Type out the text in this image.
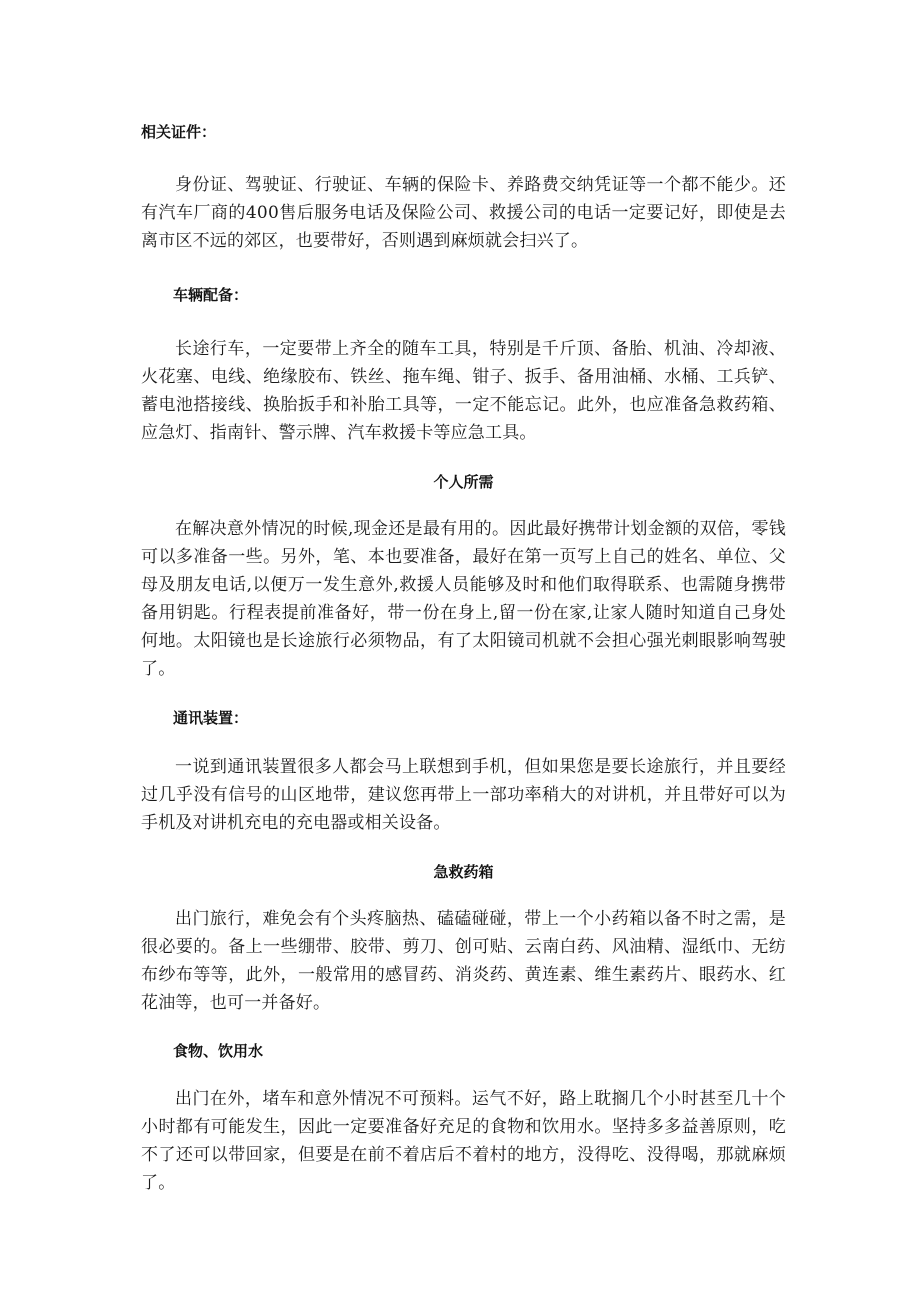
相关证件：

身份证、驾驶证、行驶证、车辆的保险卡、养路费交纳凭证等一个都不能少。还有汽车厂商的400售后服务电话及保险公司、救援公司的电话一定要记好，即使是去离市区不远的郊区，也要带好，否则遇到麻烦就会扫兴了。

车辆配备：

长途行车，一定要带上齐全的随车工具，特别是千斤顶、备胎、机油、冷却液、火花塞、电线、绝缘胶布、铁丝、拖车绳、钳子、扳手、备用油桶、水桶、工兵铲、蓄电池搭接线、换胎扳手和补胎工具等，一定不能忘记。此外，也应准备急救药箱、应急灯、指南针、警示牌、汽车救援卡等应急工具。

个人所需

在解决意外情况的时候,现金还是最有用的。因此最好携带计划金额的双倍，零钱可以多准备一些。另外，笔、本也要准备，最好在第一页写上自己的姓名、单位、父母及朋友电话,以便万一发生意外,救援人员能够及时和他们取得联系、也需随身携带备用钥匙。行程表提前准备好，带一份在身上,留一份在家,让家人随时知道自己身处何地。太阳镜也是长途旅行必须物品，有了太阳镜司机就不会担心强光刺眼影响驾驶了。

通讯装置：

一说到通讯装置很多人都会马上联想到手机，但如果您是要长途旅行，并且要经过几乎没有信号的山区地带，建议您再带上一部功率稍大的对讲机，并且带好可以为手机及对讲机充电的充电器或相关设备。

急救药箱

出门旅行，难免会有个头疼脑热、磕磕碰碰，带上一个小药箱以备不时之需，是很必要的。备上一些绷带、胶带、剪刀、创可贴、云南白药、风油精、湿纸巾、无纺布纱布等等，此外，一般常用的感冒药、消炎药、黄连素、维生素药片、眼药水、红花油等，也可一并备好。

食物、饮用水

出门在外，堵车和意外情况不可预料。运气不好，路上耽搁几个小时甚至几十个小时都有可能发生，因此一定要准备好充足的食物和饮用水。坚持多多益善原则，吃不了还可以带回家，但要是在前不着店后不着村的地方，没得吃、没得喝，那就麻烦了。
